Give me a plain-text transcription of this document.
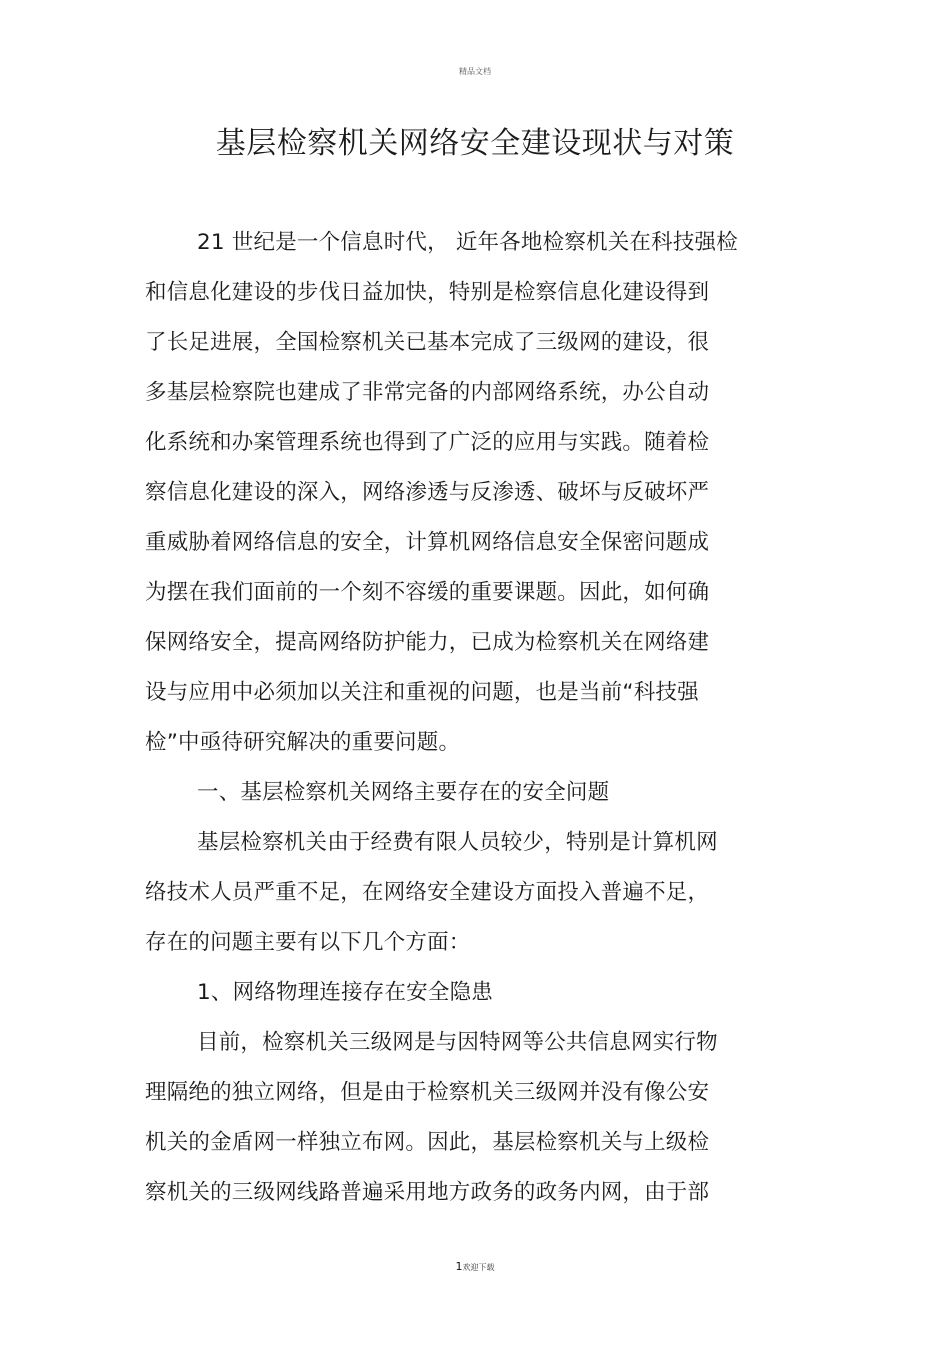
精品文档
基层检察机关网络安全建设现状与对策
21 世纪是一个信息时代， 近年各地检察机关在科技强检
和信息化建设的步伐日益加快，特别是检察信息化建设得到
了长足进展，全国检察机关已基本完成了三级网的建设，很
多基层检察院也建成了非常完备的内部网络系统，办公自动
化系统和办案管理系统也得到了广泛的应用与实践。随着检
察信息化建设的深入，网络渗透与反渗透、破坏与反破坏严
重威胁着网络信息的安全，计算机网络信息安全保密问题成
为摆在我们面前的一个刻不容缓的重要课题。因此，如何确
保网络安全，提高网络防护能力，已成为检察机关在网络建
设与应用中必须加以关注和重视的问题，也是当前“科技强
检”中亟待研究解决的重要问题。
一、基层检察机关网络主要存在的安全问题
基层检察机关由于经费有限人员较少，特别是计算机网
络技术人员严重不足，在网络安全建设方面投入普遍不足，
存在的问题主要有以下几个方面：
1、网络物理连接存在安全隐患
目前，检察机关三级网是与因特网等公共信息网实行物
理隔绝的独立网络，但是由于检察机关三级网并没有像公安
机关的金盾网一样独立布网。因此，基层检察机关与上级检
察机关的三级网线路普遍采用地方政务的政务内网，由于部
1欢迎下载
